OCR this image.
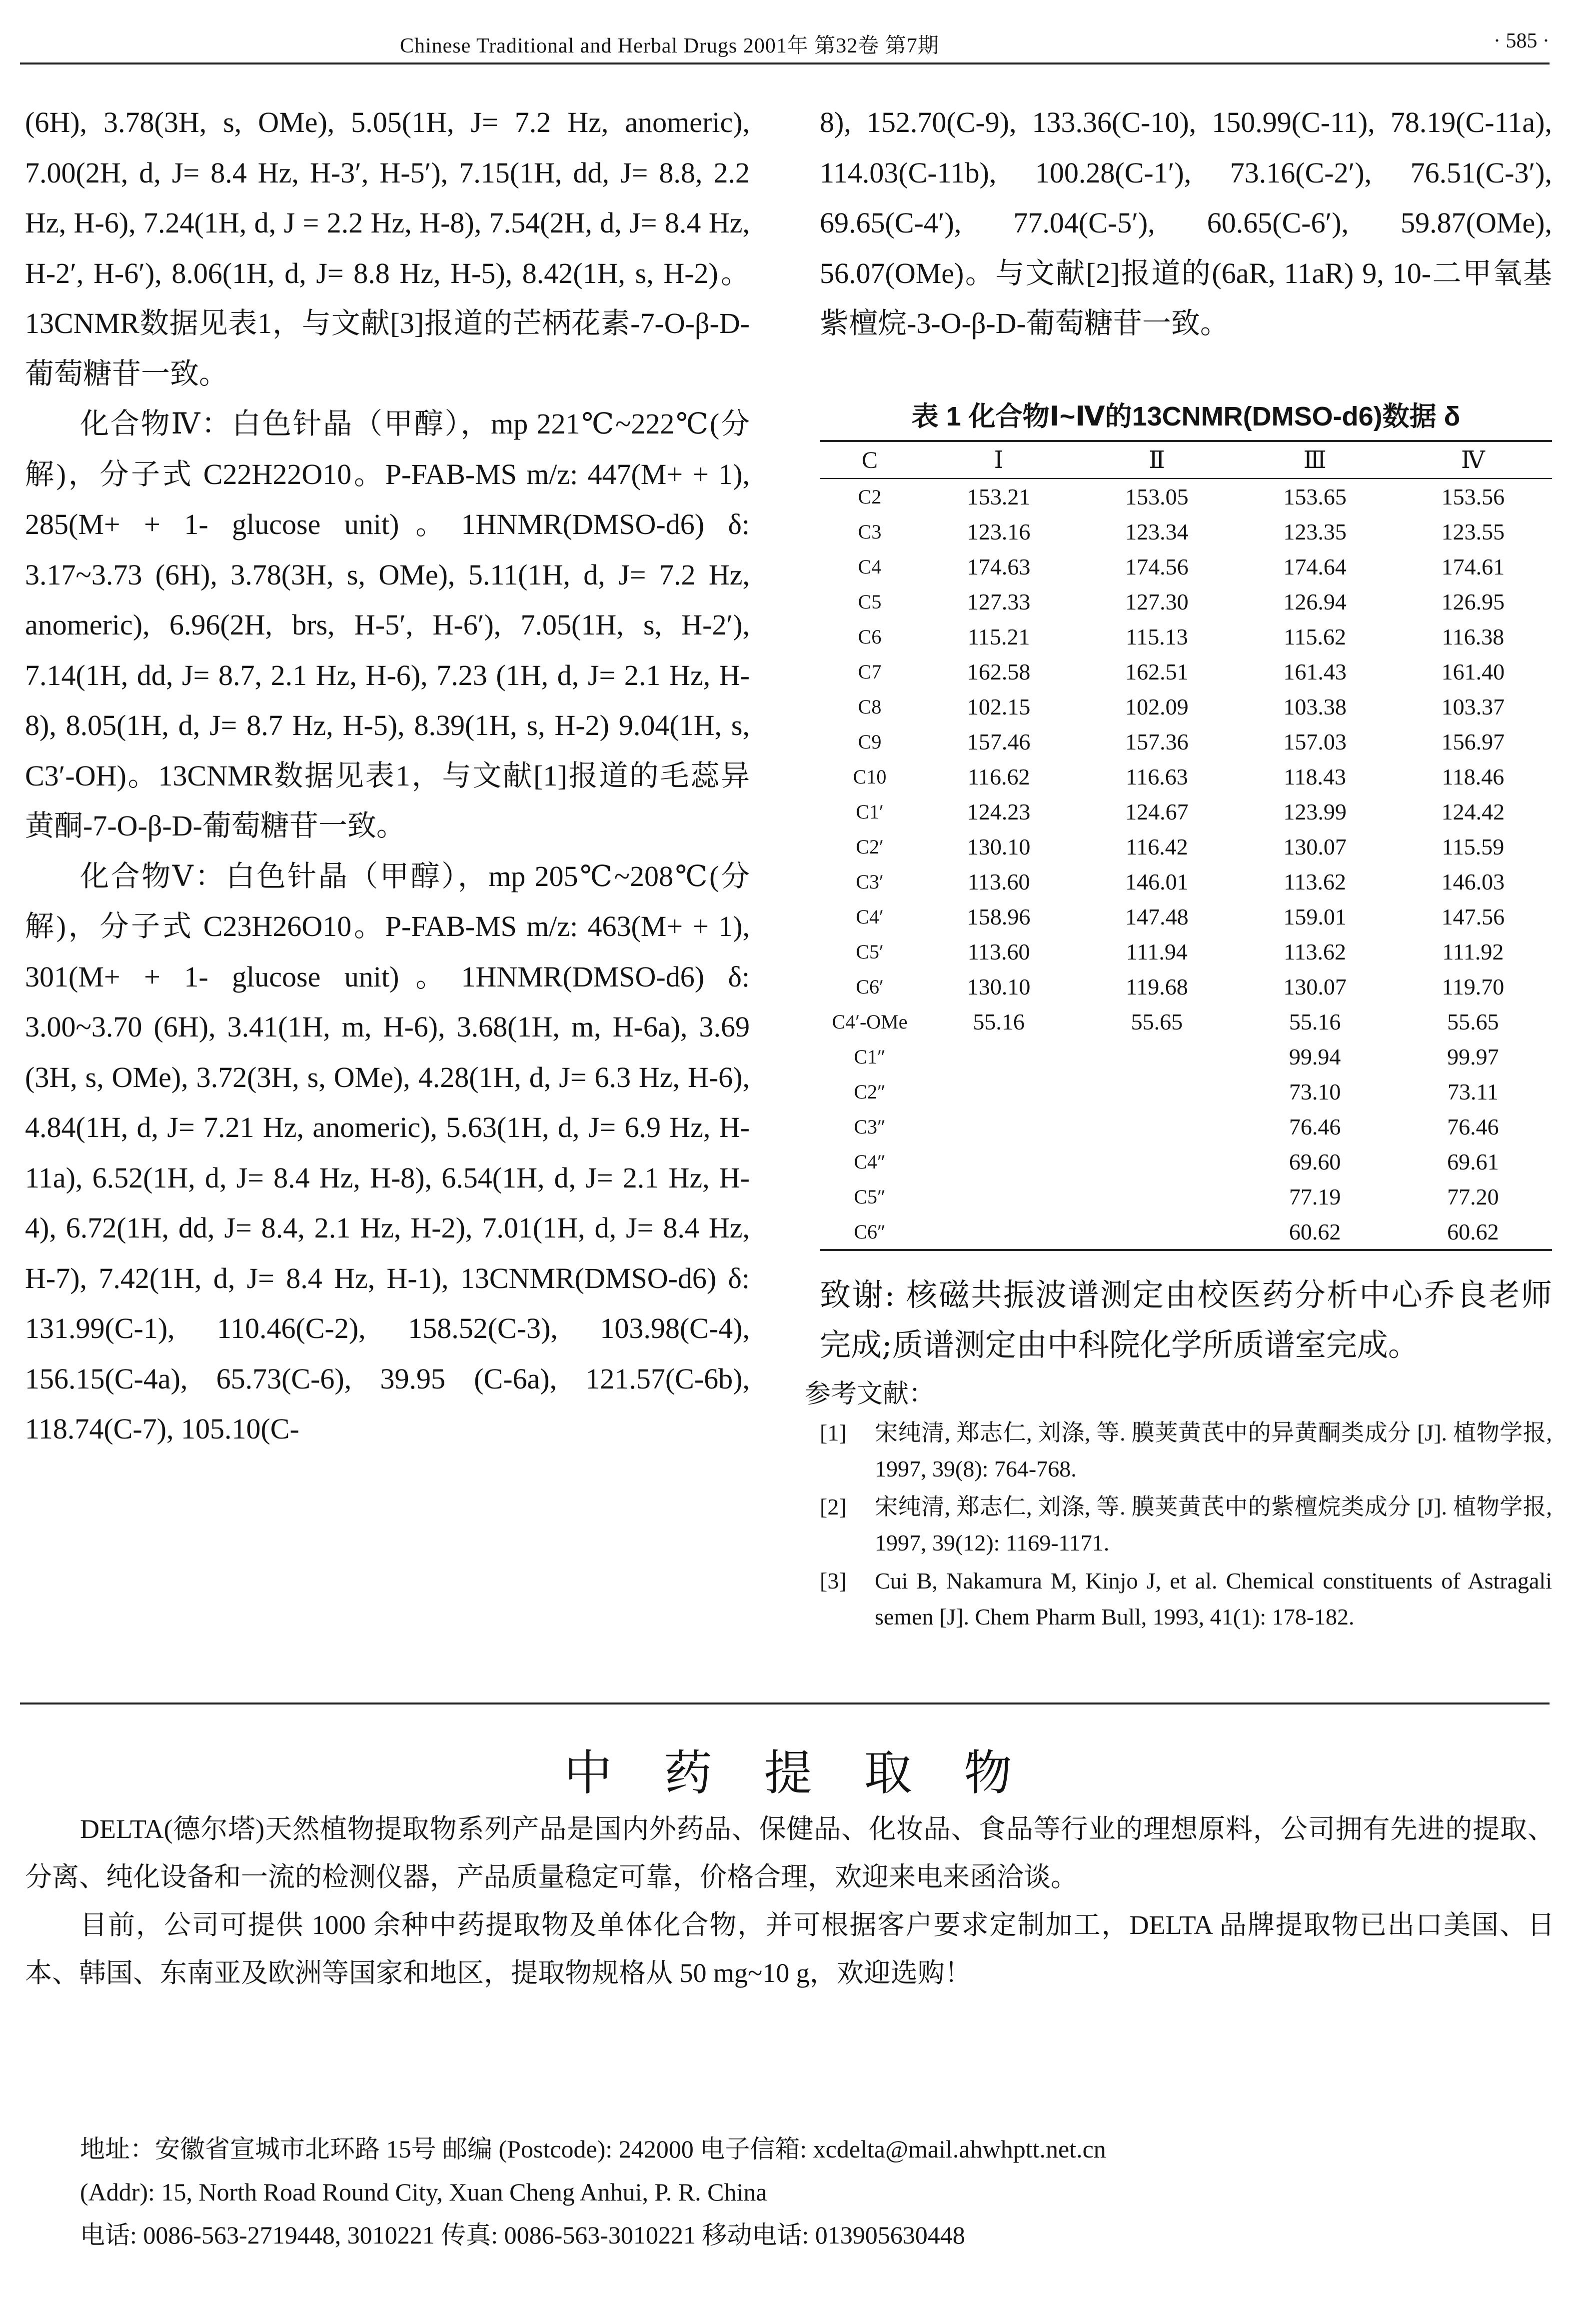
Chinese Traditional and Herbal Drugs 2001年 第32卷 第7期	· 585 ·

(6H), 3.78(3H, s, OMe), 5.05(1H, J= 7.2 Hz, anomeric), 7.00(2H, d, J= 8.4 Hz, H-3′, H-5′), 7.15(1H, dd, J= 8.8, 2.2 Hz, H-6), 7.24(1H, d, J = 2.2 Hz, H-8), 7.54(2H, d, J= 8.4 Hz, H-2′, H-6′), 8.06(1H, d, J= 8.8 Hz, H-5), 8.42(1H, s, H-2)。13CNMR数据见表1，与文献[3]报道的芒柄花素-7-O-β-D-葡萄糖苷一致。

化合物Ⅳ：白色针晶（甲醇），mp 221℃~222℃(分解)，分子式 C22H22O10。P-FAB-MS m/z: 447(M+ + 1), 285(M+ + 1- glucose unit)。1HNMR(DMSO-d6) δ: 3.17~3.73 (6H), 3.78(3H, s, OMe), 5.11(1H, d, J= 7.2 Hz, anomeric), 6.96(2H, brs, H-5′, H-6′), 7.05(1H, s, H-2′), 7.14(1H, dd, J= 8.7, 2.1 Hz, H-6), 7.23 (1H, d, J= 2.1 Hz, H-8), 8.05(1H, d, J= 8.7 Hz, H-5), 8.39(1H, s, H-2) 9.04(1H, s, C3′-OH)。13CNMR数据见表1，与文献[1]报道的毛蕊异黄酮-7-O-β-D-葡萄糖苷一致。

化合物Ⅴ：白色针晶（甲醇），mp 205℃~208℃(分解)，分子式 C23H26O10。P-FAB-MS m/z: 463(M+ + 1), 301(M+ + 1- glucose unit)。1HNMR(DMSO-d6) δ: 3.00~3.70 (6H), 3.41(1H, m, H-6), 3.68(1H, m, H-6a), 3.69 (3H, s, OMe), 3.72(3H, s, OMe), 4.28(1H, d, J= 6.3 Hz, H-6), 4.84(1H, d, J= 7.21 Hz, anomeric), 5.63(1H, d, J= 6.9 Hz, H-11a), 6.52(1H, d, J= 8.4 Hz, H-8), 6.54(1H, d, J= 2.1 Hz, H-4), 6.72(1H, dd, J= 8.4, 2.1 Hz, H-2), 7.01(1H, d, J= 8.4 Hz, H-7), 7.42(1H, d, J= 8.4 Hz, H-1), 13CNMR(DMSO-d6) δ: 131.99(C-1), 110.46(C-2), 158.52(C-3), 103.98(C-4), 156.15(C-4a), 65.73(C-6), 39.95 (C-6a), 121.57(C-6b), 118.74(C-7), 105.10(C-

8), 152.70(C-9), 133.36(C-10), 150.99(C-11), 78.19(C-11a), 114.03(C-11b), 100.28(C-1′), 73.16(C-2′), 76.51(C-3′), 69.65(C-4′), 77.04(C-5′), 60.65(C-6′), 59.87(OMe), 56.07(OMe)。与文献[2]报道的(6aR, 11aR) 9, 10-二甲氧基紫檀烷-3-O-β-D-葡萄糖苷一致。

表 1 化合物Ⅰ~Ⅳ的13CNMR(DMSO-d6)数据 δ
C	Ⅰ	Ⅱ	Ⅲ	Ⅳ
C2	153.21	153.05	153.65	153.56
C3	123.16	123.34	123.35	123.55
C4	174.63	174.56	174.64	174.61
C5	127.33	127.30	126.94	126.95
C6	115.21	115.13	115.62	116.38
C7	162.58	162.51	161.43	161.40
C8	102.15	102.09	103.38	103.37
C9	157.46	157.36	157.03	156.97
C10	116.62	116.63	118.43	118.46
C1′	124.23	124.67	123.99	124.42
C2′	130.10	116.42	130.07	115.59
C3′	113.60	146.01	113.62	146.03
C4′	158.96	147.48	159.01	147.56
C5′	113.60	111.94	113.62	111.92
C6′	130.10	119.68	130.07	119.70
C4′-OMe	55.16	55.65	55.16	55.65
C1″			99.94	99.97
C2″			73.10	73.11
C3″			76.46	76.46
C4″			69.60	69.61
C5″			77.19	77.20
C6″			60.62	60.62
致谢: 核磁共振波谱测定由校医药分析中心乔良老师完成;质谱测定由中科院化学所质谱室完成。
参考文献：
[1]	宋纯清, 郑志仁, 刘涤, 等. 膜荚黄芪中的异黄酮类成分 [J]. 植物学报, 1997, 39(8): 764-768.
[2]	宋纯清, 郑志仁, 刘涤, 等. 膜荚黄芪中的紫檀烷类成分 [J]. 植物学报, 1997, 39(12): 1169-1171.
[3]	Cui B, Nakamura M, Kinjo J, et al. Chemical constituents of Astragali semen [J]. Chem Pharm Bull, 1993, 41(1): 178-182.
中 药 提 取 物

DELTA(德尔塔)天然植物提取物系列产品是国内外药品、保健品、化妆品、食品等行业的理想原料，公司拥有先进的提取、分离、纯化设备和一流的检测仪器，产品质量稳定可靠，价格合理，欢迎来电来函洽谈。

目前，公司可提供 1000 余种中药提取物及单体化合物，并可根据客户要求定制加工，DELTA 品牌提取物已出口美国、日本、韩国、东南亚及欧洲等国家和地区，提取物规格从 50 mg~10 g，欢迎选购！

地址：安徽省宣城市北环路 15号 邮编 (Postcode): 242000 电子信箱: xcdelta@mail.ahwhptt.net.cn
(Addr): 15, North Road Round City, Xuan Cheng Anhui, P. R. China
电话: 0086-563-2719448, 3010221 传真: 0086-563-3010221 移动电话: 013905630448
